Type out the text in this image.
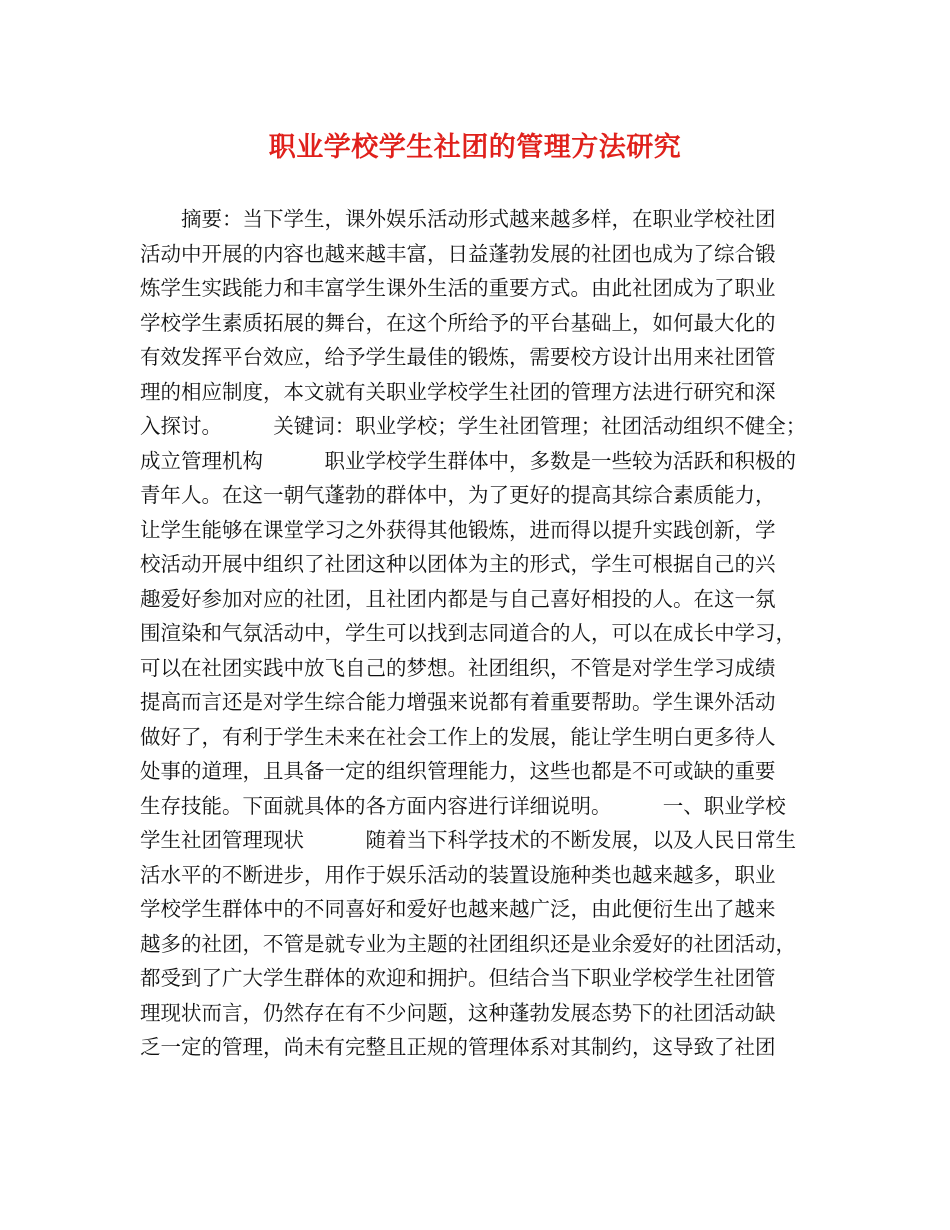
职业学校学生社团的管理方法研究
　　摘要：当下学生，课外娱乐活动形式越来越多样，在职业学校社团
活动中开展的内容也越来越丰富，日益蓬勃发展的社团也成为了综合锻
炼学生实践能力和丰富学生课外生活的重要方式。由此社团成为了职业
学校学生素质拓展的舞台，在这个所给予的平台基础上，如何最大化的
有效发挥平台效应，给予学生最佳的锻炼，需要校方设计出用来社团管
理的相应制度，本文就有关职业学校学生社团的管理方法进行研究和深
入探讨。　　　关键词：职业学校；学生社团管理；社团活动组织不健全；
成立管理机构　　　职业学校学生群体中，多数是一些较为活跃和积极的
青年人。在这一朝气蓬勃的群体中，为了更好的提高其综合素质能力，
让学生能够在课堂学习之外获得其他锻炼，进而得以提升实践创新，学
校活动开展中组织了社团这种以团体为主的形式，学生可根据自己的兴
趣爱好参加对应的社团，且社团内都是与自己喜好相投的人。在这一氛
围渲染和气氛活动中，学生可以找到志同道合的人，可以在成长中学习，
可以在社团实践中放飞自己的梦想。社团组织，不管是对学生学习成绩
提高而言还是对学生综合能力增强来说都有着重要帮助。学生课外活动
做好了，有利于学生未来在社会工作上的发展，能让学生明白更多待人
处事的道理，且具备一定的组织管理能力，这些也都是不可或缺的重要
生存技能。下面就具体的各方面内容进行详细说明。　　　一、职业学校
学生社团管理现状　　　随着当下科学技术的不断发展，以及人民日常生
活水平的不断进步，用作于娱乐活动的装置设施种类也越来越多，职业
学校学生群体中的不同喜好和爱好也越来越广泛，由此便衍生出了越来
越多的社团，不管是就专业为主题的社团组织还是业余爱好的社团活动，
都受到了广大学生群体的欢迎和拥护。但结合当下职业学校学生社团管
理现状而言，仍然存在有不少问题，这种蓬勃发展态势下的社团活动缺
乏一定的管理，尚未有完整且正规的管理体系对其制约，这导致了社团
